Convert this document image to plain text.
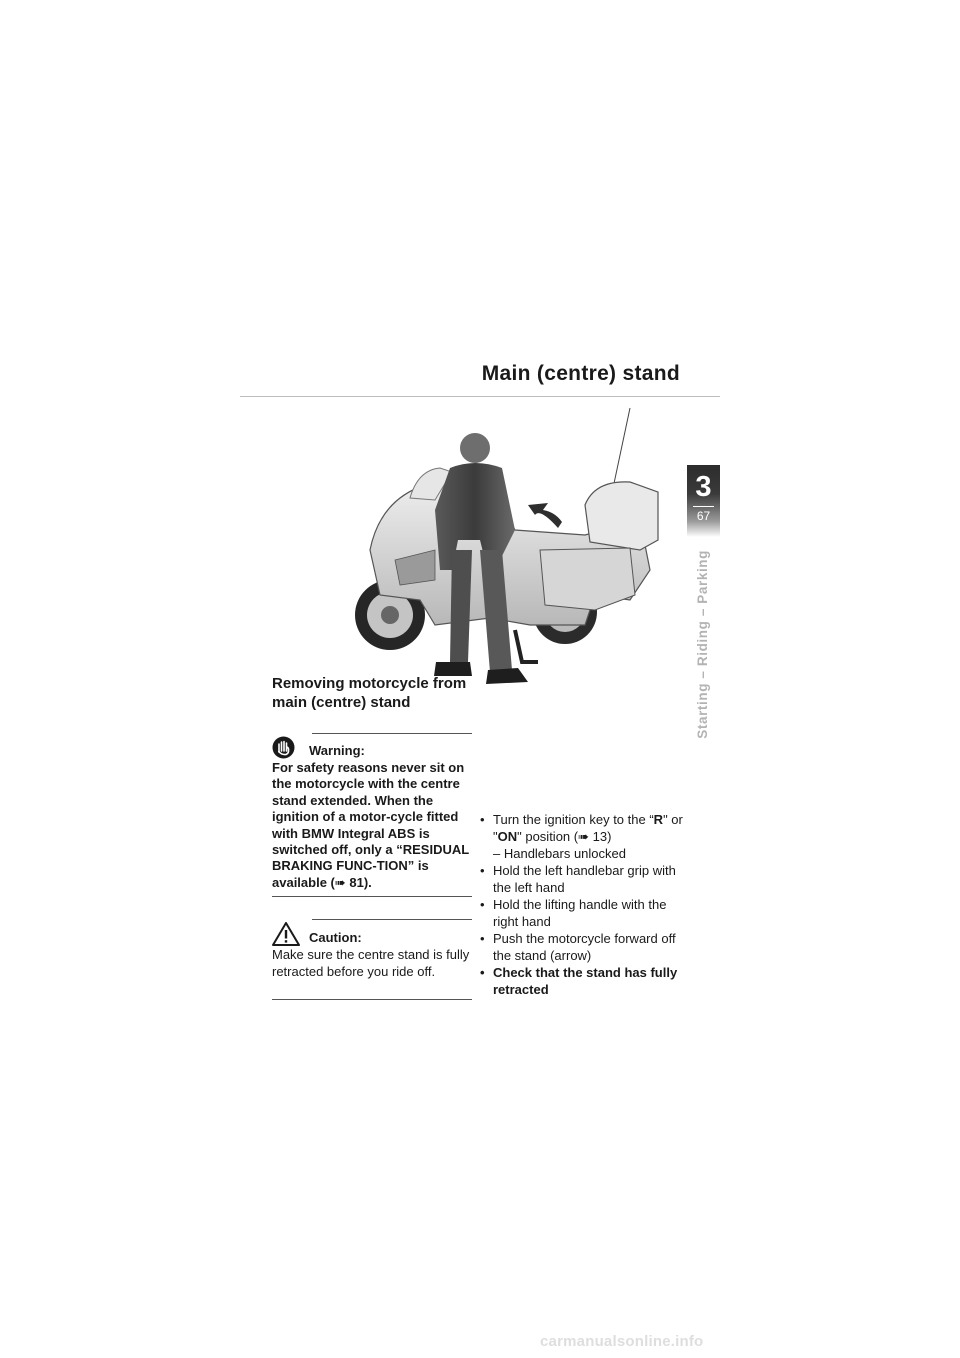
Main (centre) stand
3
67
Starting – Riding – Parking
Removing motorcycle from main (centre) stand
Warning:
For safety reasons never sit on the motorcycle with the centre stand extended. When the ignition of a motor-cycle fitted with BMW Integral ABS is switched off, only a “RESIDUAL BRAKING FUNC-TION” is available (➠ 81).
Caution:
Make sure the centre stand is fully retracted before you ride off.
• Turn the ignition key to the “R" or "ON" position (➠ 13)
– Handlebars unlocked
• Hold the left handlebar grip with the left hand
• Hold the lifting handle with the right hand
• Push the motorcycle forward off the stand (arrow)
• Check that the stand has fully retracted
carmanualsonline.info
